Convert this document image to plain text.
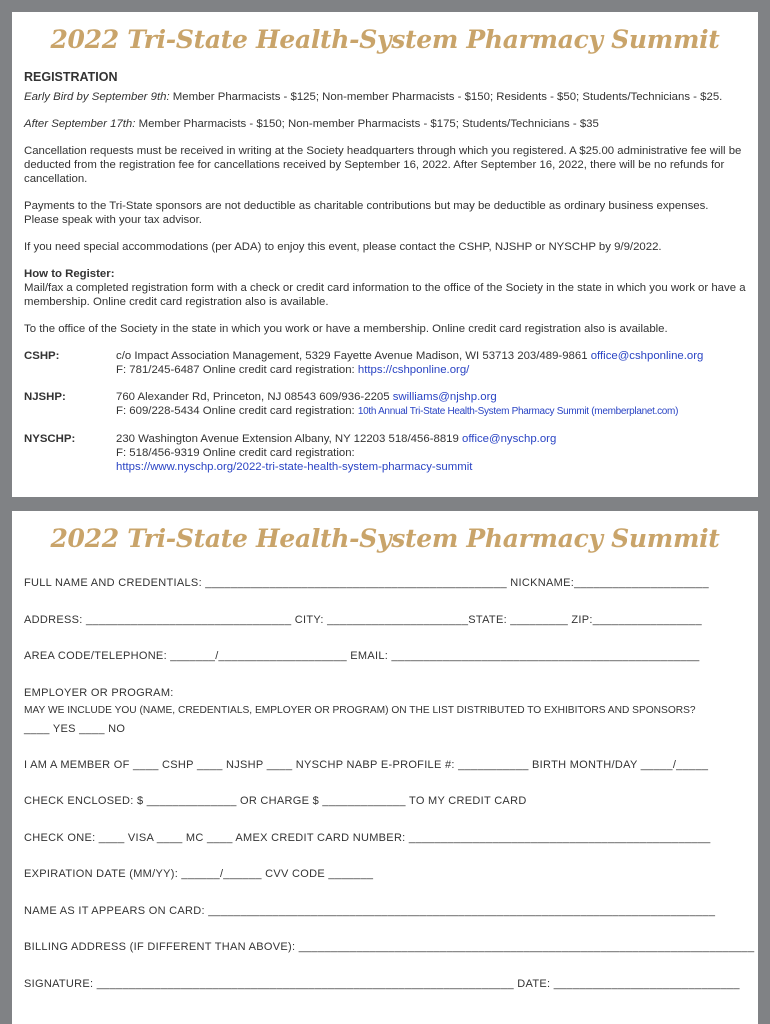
2022 Tri-State Health-System Pharmacy Summit
REGISTRATION

Early Bird by September 9th: Member Pharmacists - $125; Non-member Pharmacists - $150; Residents - $50; Students/Technicians - $25.

After September 17th: Member Pharmacists - $150; Non-member Pharmacists - $175; Students/Technicians - $35

Cancellation requests must be received in writing at the Society headquarters through which you registered. A $25.00 administrative fee will be deducted from the registration fee for cancellations received by September 16, 2022. After September 16, 2022, there will be no refunds for cancellation.

Payments to the Tri-State sponsors are not deductible as charitable contributions but may be deductible as ordinary business expenses. Please speak with your tax advisor.

If you need special accommodations (per ADA) to enjoy this event, please contact the CSHP, NJSHP or NYSCHP by 9/9/2022.

How to Register:
Mail/fax a completed registration form with a check or credit card information to the office of the Society in the state in which you work or have a membership. Online credit card registration also is available.

To the office of the Society in the state in which you work or have a membership. Online credit card registration also is available.

CSHP:	c/o Impact Association Management, 5329 Fayette Avenue Madison, WI 53713 203/489-9861 office@cshponline.org
F: 781/245-6487 Online credit card registration: https://cshponline.org/
NJSHP:	760 Alexander Rd, Princeton, NJ 08543 609/936-2205 swilliams@njshp.org
F: 609/228-5434 Online credit card registration: 10th Annual Tri-State Health-System Pharmacy Summit (memberplanet.com)
NYSCHP:	230 Washington Avenue Extension Albany, NY 12203 518/456-8819 office@nyschp.org
F: 518/456-9319 Online credit card registration:
https://www.nyschp.org/2022-tri-state-health-system-pharmacy-summit
2022 Tri-State Health-System Pharmacy Summit
FULL NAME AND CREDENTIALS: _______________________________________________ NICKNAME:_____________________
ADDRESS: ________________________________ CITY: ______________________STATE: _________ ZIP:_________________
AREA CODE/TELEPHONE: _______/____________________ EMAIL: ________________________________________________
EMPLOYER OR PROGRAM:
MAY WE INCLUDE YOU (NAME, CREDENTIALS, EMPLOYER OR PROGRAM) ON THE LIST DISTRIBUTED TO EXHIBITORS AND SPONSORS?
____ YES ____ NO
I AM A MEMBER OF ____ CSHP ____ NJSHP ____ NYSCHP NABP E-PROFILE #: ___________ BIRTH MONTH/DAY _____/_____
CHECK ENCLOSED: $ ______________ OR CHARGE $ _____________ TO MY CREDIT CARD
CHECK ONE: ____ VISA ____ MC ____ AMEX CREDIT CARD NUMBER: _______________________________________________
EXPIRATION DATE (MM/YY): ______/______ CVV CODE _______
NAME AS IT APPEARS ON CARD: _______________________________________________________________________________
BILLING ADDRESS (IF DIFFERENT THAN ABOVE): _______________________________________________________________________
SIGNATURE: _________________________________________________________________ DATE: _____________________________
